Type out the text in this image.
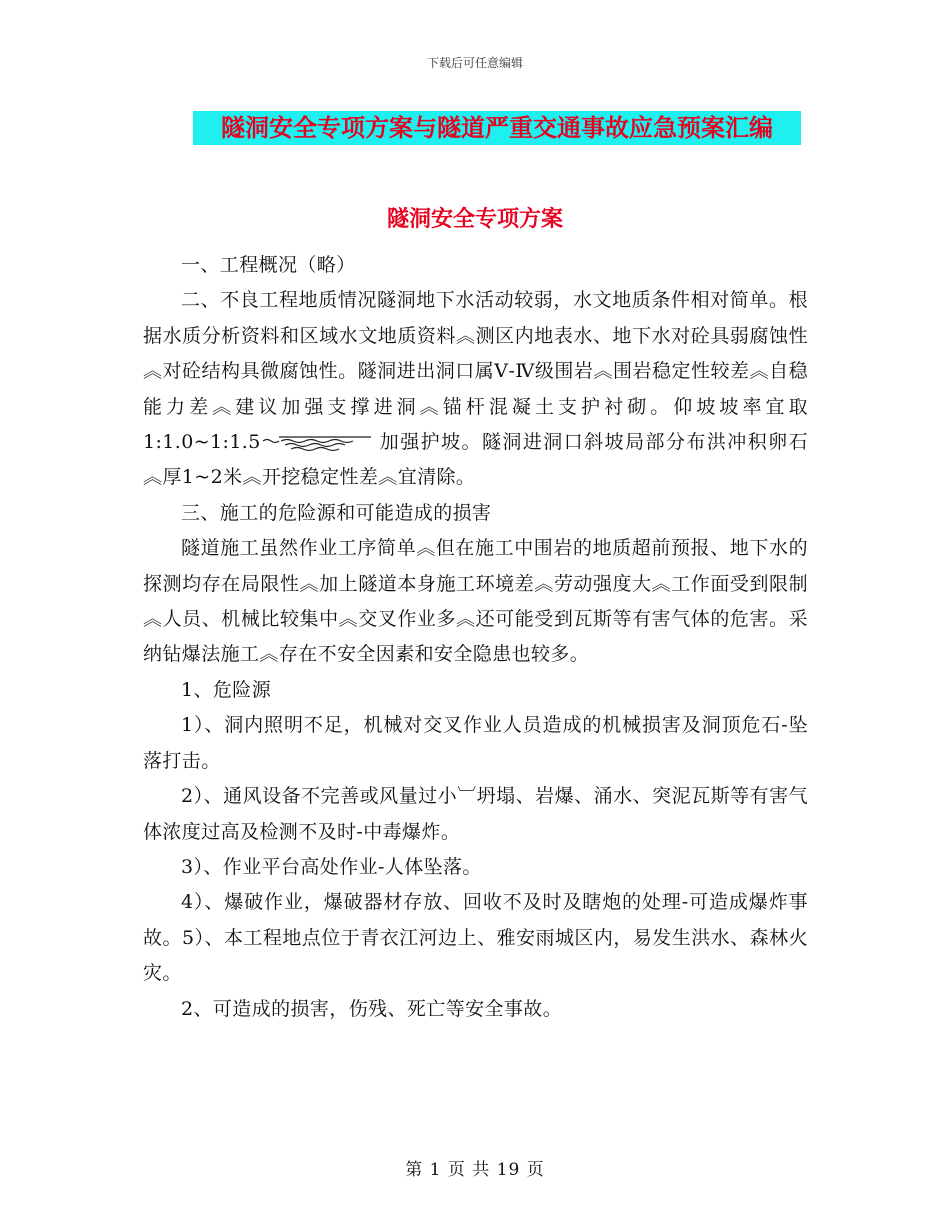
下载后可任意编辑
隧洞安全专项方案与隧道严重交通事故应急预案汇编
隧洞安全专项方案

一、工程概况（略）

二、不良工程地质情况隧洞地下水活动较弱，水文地质条件相对简单。根据水质分析资料和区域水文地质资料︽测区内地表水、地下水对砼具弱腐蚀性︽对砼结构具微腐蚀性。隧洞进出洞口属Ⅴ-Ⅳ级围岩︽围岩稳定性较差︽自稳能力差︽建议加强支撑进洞︽锚杆混凝土支护衬砌。仰坡坡率宜取1:1.0~1:1.5	加强护坡。隧洞进洞口斜坡局部分布洪冲积卵石︽厚1~2米︽开挖稳定性差︽宜清除。

三、施工的危险源和可能造成的损害

隧道施工虽然作业工序简单︽但在施工中围岩的地质超前预报、地下水的探测均存在局限性︽加上隧道本身施工环境差︽劳动强度大︽工作面受到限制︽人员、机械比较集中︽交叉作业多︽还可能受到瓦斯等有害气体的危害。采纳钻爆法施工︽存在不安全因素和安全隐患也较多。

1、危险源

1）、洞内照明不足，机械对交叉作业人员造成的机械损害及洞顶危石-坠落打击。

2）、通风设备不完善或风量过小︺坍塌、岩爆、涌水、突泥瓦斯等有害气体浓度过高及检测不及时-中毒爆炸。

3）、作业平台高处作业-人体坠落。

4）、爆破作业，爆破器材存放、回收不及时及瞎炮的处理-可造成爆炸事故。5）、本工程地点位于青衣江河边上、雅安雨城区内，易发生洪水、森林火灾。

2、可造成的损害，伤残、死亡等安全事故。

第 1 页 共 19 页
